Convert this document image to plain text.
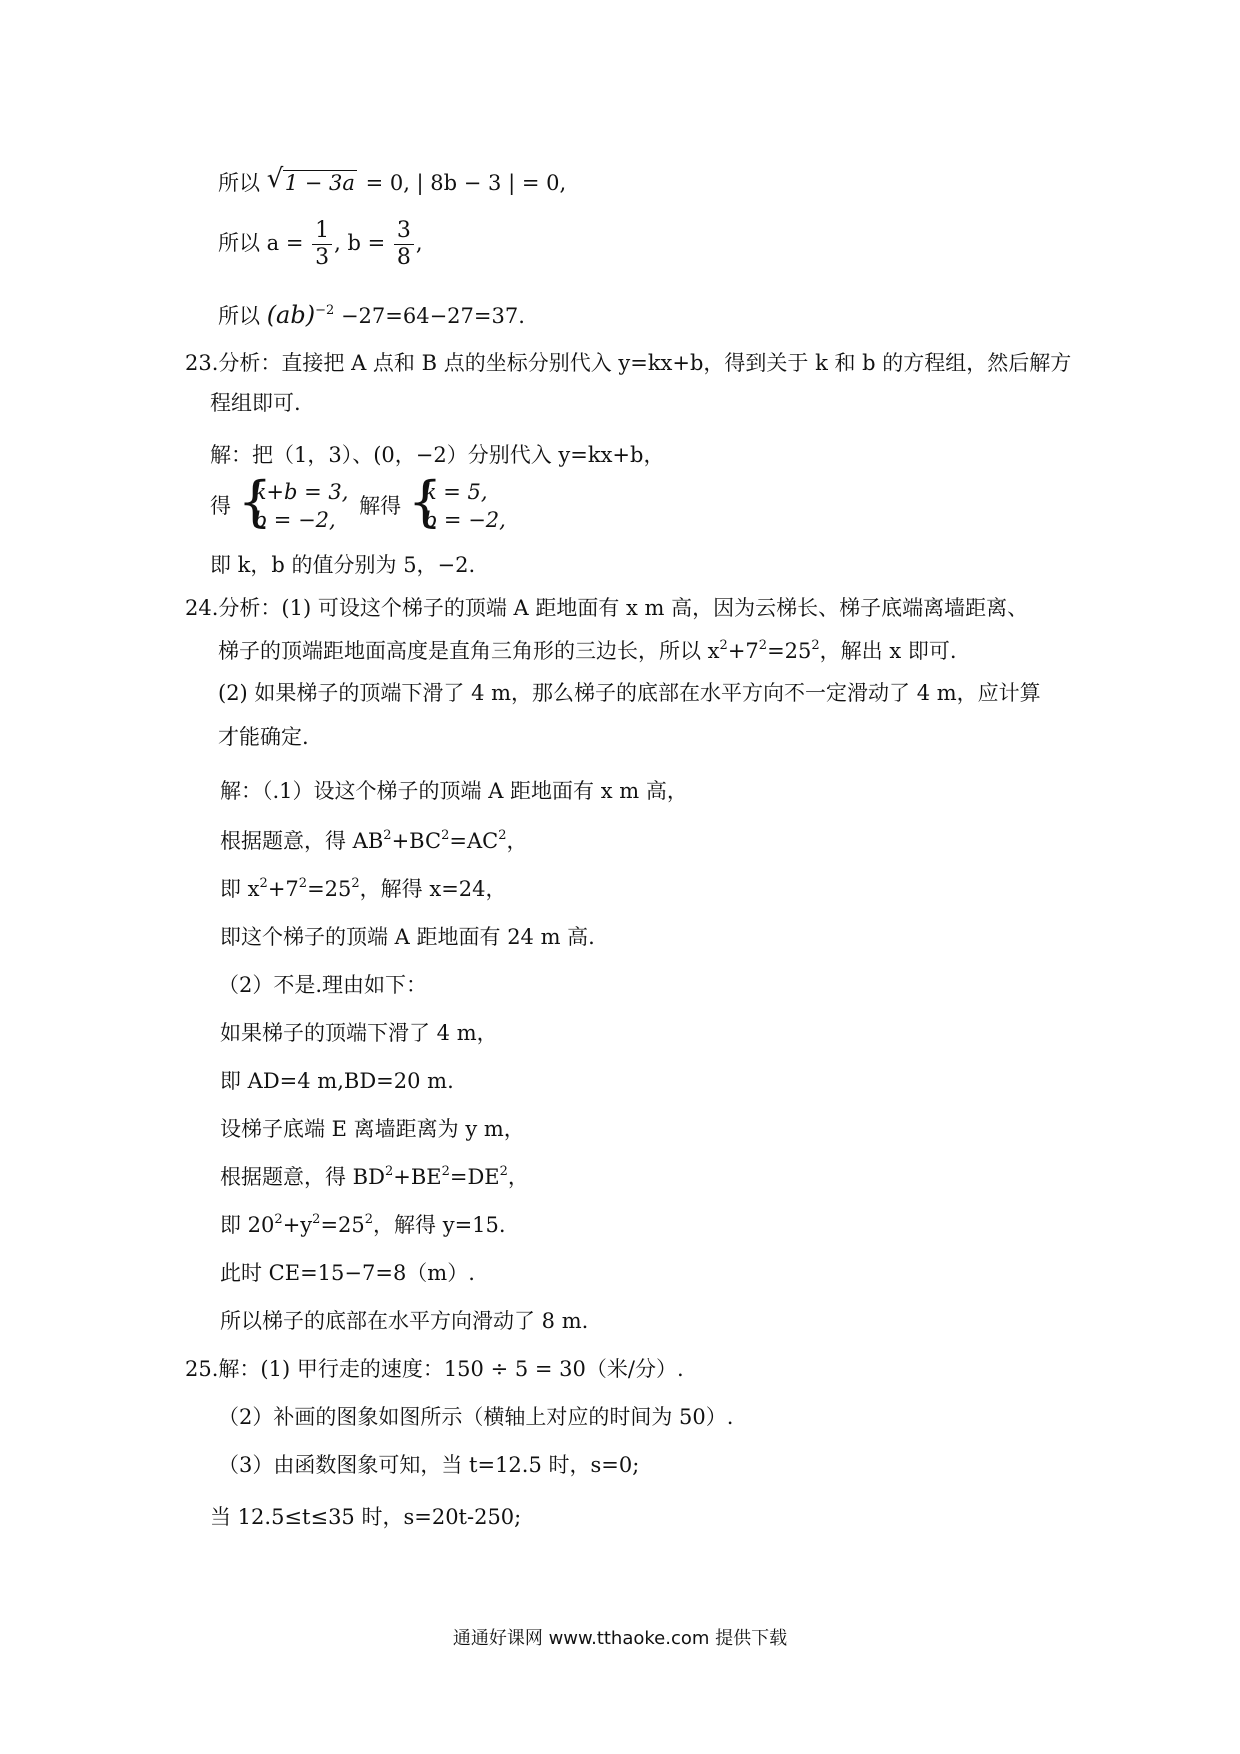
所以 √ 1 − 3a = 0, | 8b − 3 | = 0,
所以 $a = \frac{1}{3}$ , $b = \frac{3}{8}$ ,
所以 (ab)$^{-2}$ −27=64−27=37.
23.分析：直接把 A 点和 B 点的坐标分别代入 y=kx+b，得到关于 k 和 b 的方程组，然后解方
程组即可.
解：把（1，3）、(0，−2）分别代入 y=kx+b，
得 {
k+b = 3,
b = −2,
解得 {
k = 5,
b = −2,
即 k，b 的值分别为 5，−2.
24.分析：(1) 可设这个梯子的顶端 A 距地面有 x m 高，因为云梯长、梯子底端离墙距离、
梯子的顶端距地面高度是直角三角形的三边长，所以 $x^2+7^2=25^2$，解出 x 即可.
(2) 如果梯子的顶端下滑了 4 m，那么梯子的底部在水平方向不一定滑动了 4 m，应计算
才能确定.
解：（.1）设这个梯子的顶端 A 距地面有 x m 高，
根据题意，得 $AB^2+BC^2=AC^2$，
即 $x^2+7^2=25^2$，解得 x=24，
即这个梯子的顶端 A 距地面有 24 m 高.
（2）不是.理由如下：
如果梯子的顶端下滑了 4 m，
即 AD=4 m,BD=20 m.
设梯子底端 E 离墙距离为 y m，
根据题意，得 $BD^2+BE^2=DE^2$，
即 $20^2+y^2=25^2$，解得 y=15.
此时 CE=15−7=8（m）.
所以梯子的底部在水平方向滑动了 8 m.
25.解：(1) 甲行走的速度：150 ÷ 5 = 30（米/分）.
（2）补画的图象如图所示（横轴上对应的时间为 50）.
（3）由函数图象可知，当 t=12.5 时，s=0;
当 12.5≤t≤35 时，s=20t-250;
通通好课网 www.tthaoke.com 提供下载
